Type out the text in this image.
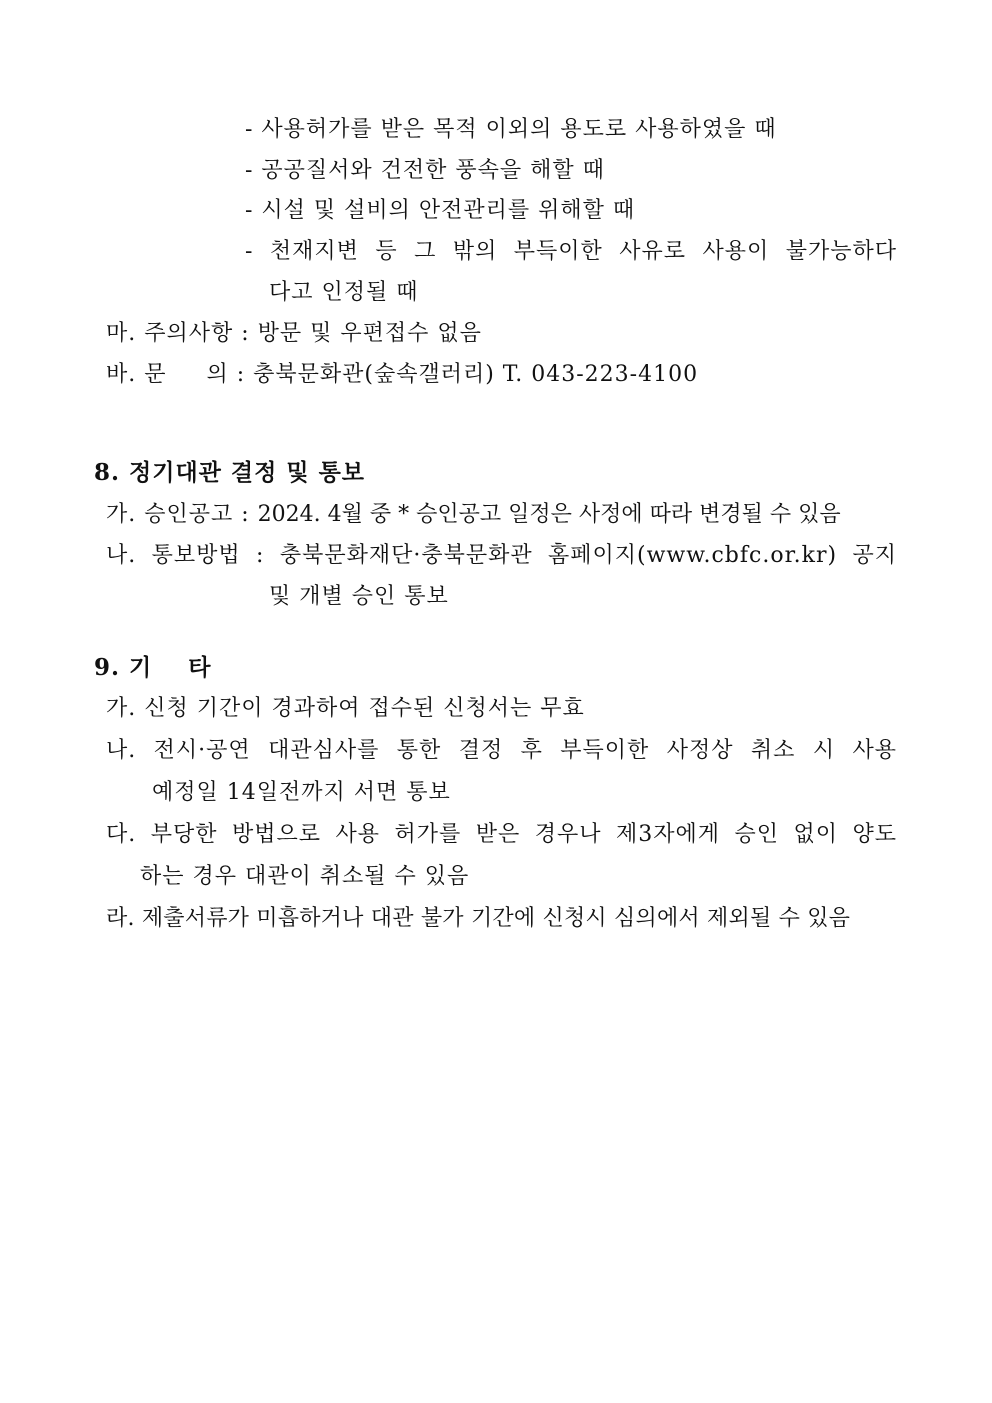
- 사용허가를 받은 목적 이외의 용도로 사용하였을 때
- 공공질서와 건전한 풍속을 해할 때
- 시설 및 설비의 안전관리를 위해할 때
- 천재지변 등 그 밖의 부득이한 사유로 사용이 불가능하다
다고 인정될 때
마. 주의사항 : 방문 및 우편접수 없음
바. 문     의 : 충북문화관(숲속갤러리) T. 043-223-4100
8. 정기대관 결정 및 통보
가. 승인공고 : 2024. 4월 중 * 승인공고 일정은 사정에 따라 변경될 수 있음
나. 통보방법 : 충북문화재단·충북문화관 홈페이지(www.cbfc.or.kr) 공지
및 개별 승인 통보
9. 기    타
가. 신청 기간이 경과하여 접수된 신청서는 무효
나. 전시·공연 대관심사를 통한 결정 후 부득이한 사정상 취소 시 사용
예정일 14일전까지 서면 통보
다. 부당한 방법으로 사용 허가를 받은 경우나 제3자에게 승인 없이 양도
하는 경우 대관이 취소될 수 있음
라. 제출서류가 미흡하거나 대관 불가 기간에 신청시 심의에서 제외될 수 있음
